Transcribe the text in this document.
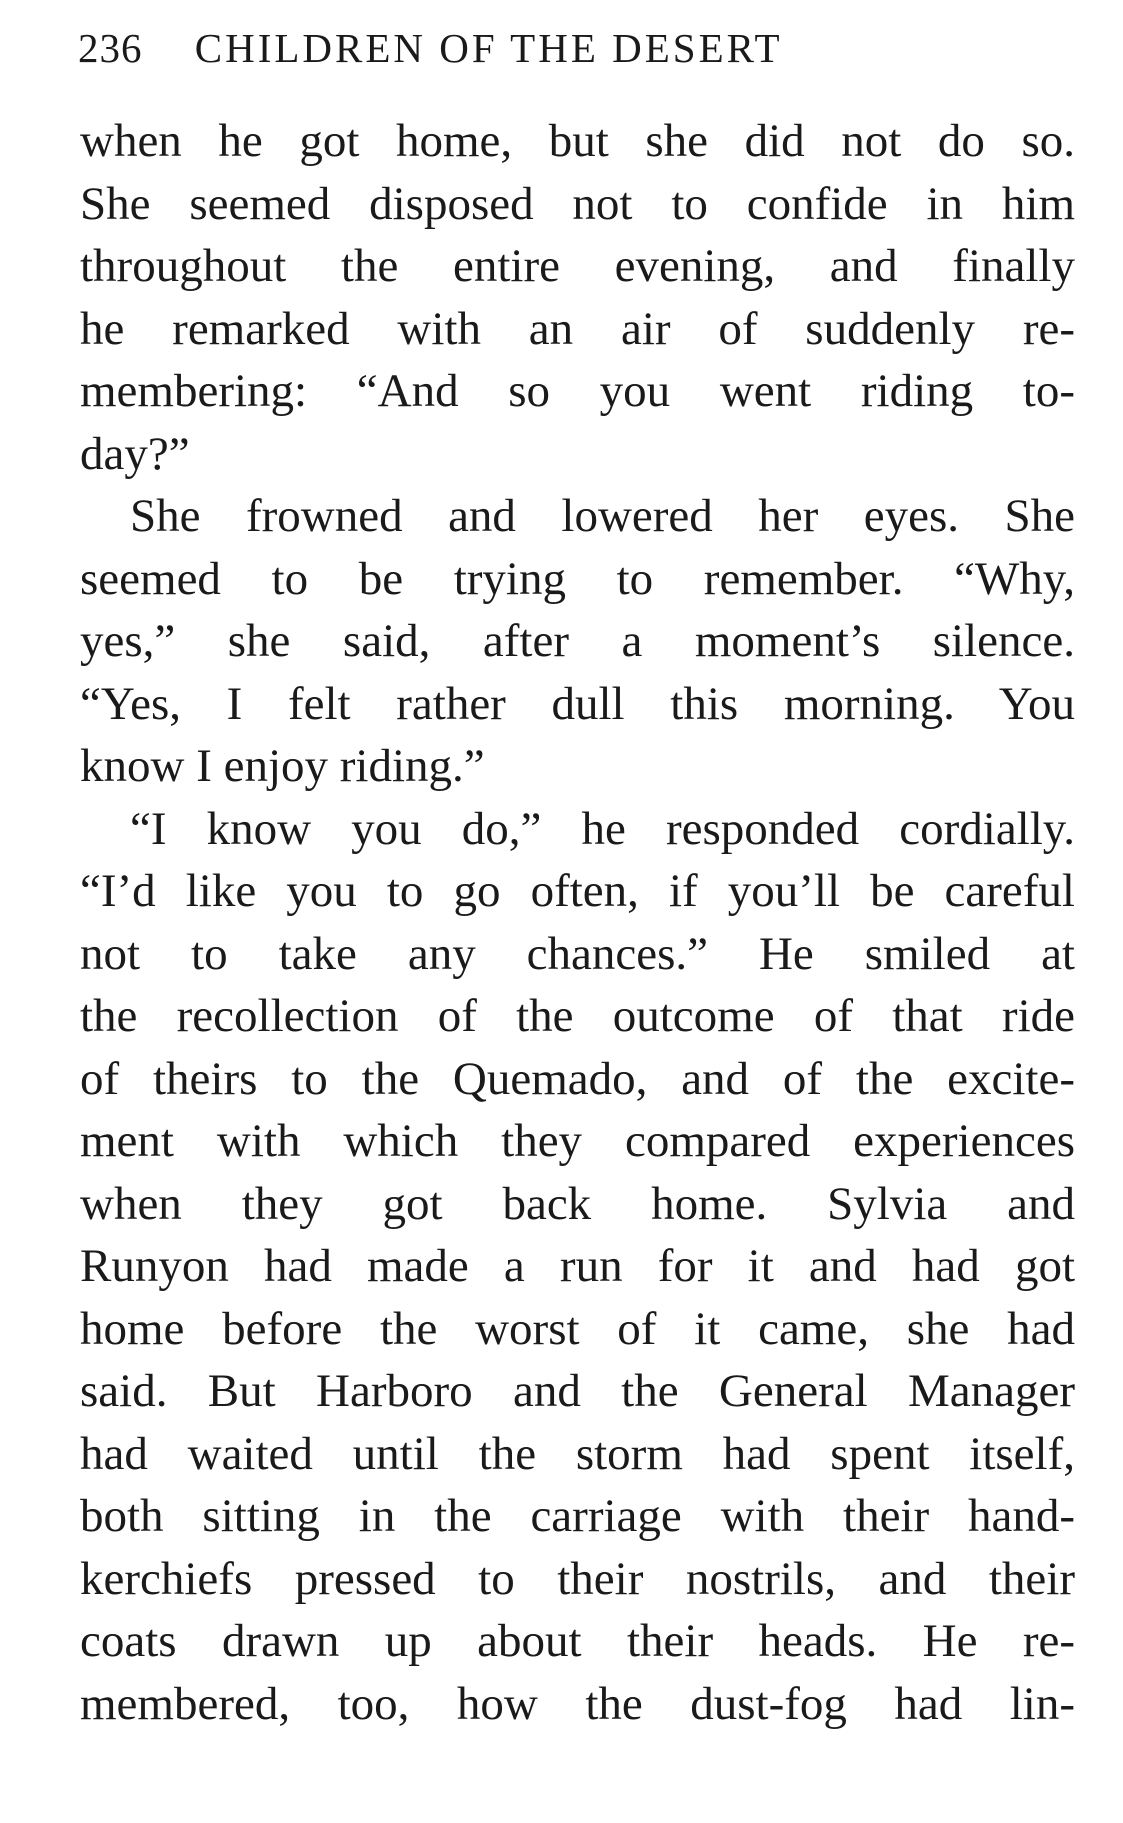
236 CHILDREN OF THE DESERT
when he got home, but she did not do so.
She seemed disposed not to confide in him
throughout the entire evening, and finally
he remarked with an air of suddenly re-
membering: “And so you went riding to-
day?”
She frowned and lowered her eyes. She
seemed to be trying to remember. “Why,
yes,” she said, after a moment’s silence.
“Yes, I felt rather dull this morning. You
know I enjoy riding.”
“I know you do,” he responded cordially.
“I’d like you to go often, if you’ll be careful
not to take any chances.” He smiled at
the recollection of the outcome of that ride
of theirs to the Quemado, and of the excite-
ment with which they compared experiences
when they got back home. Sylvia and
Runyon had made a run for it and had got
home before the worst of it came, she had
said. But Harboro and the General Manager
had waited until the storm had spent itself,
both sitting in the carriage with their hand-
kerchiefs pressed to their nostrils, and their
coats drawn up about their heads. He re-
membered, too, how the dust-fog had lin-
